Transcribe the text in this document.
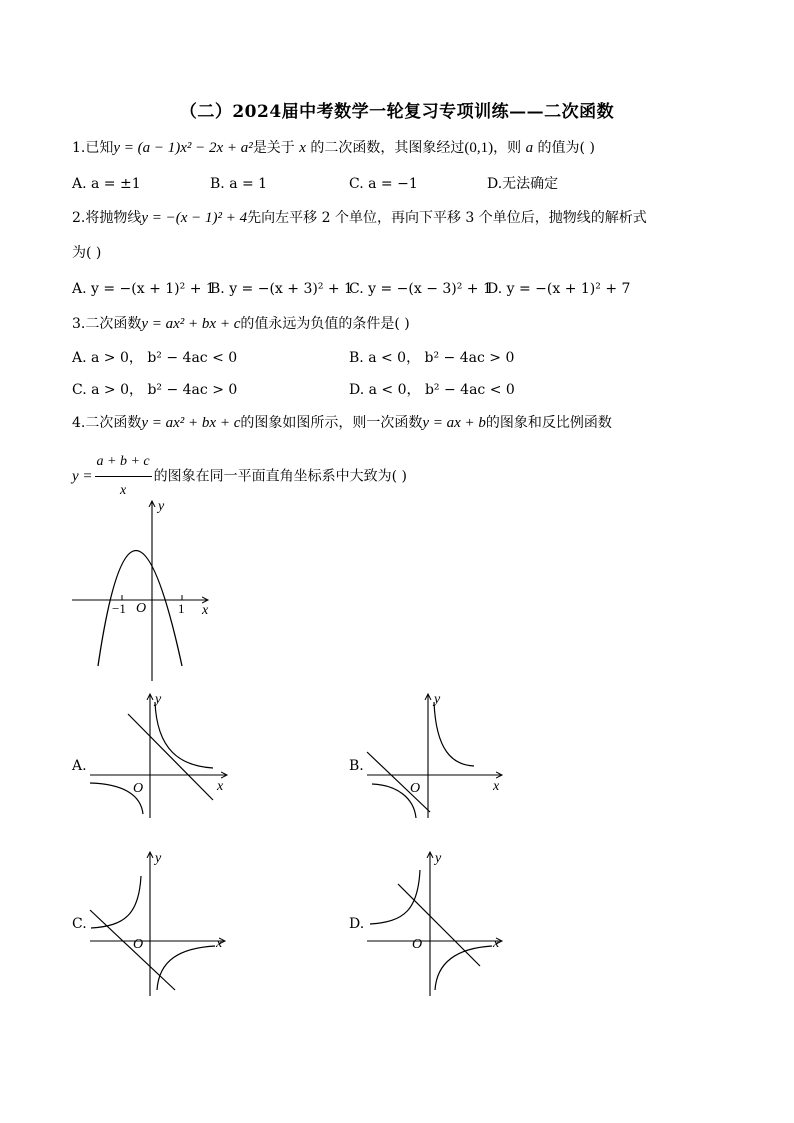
（二）2024届中考数学一轮复习专项训练——二次函数
1.已知y = (a − 1)x² − 2x + a²是关于 x 的二次函数，其图象经过(0,1)，则 a 的值为( )
A. a = ±1	B. a = 1	C. a = −1	D.无法确定
2.将抛物线y = −(x − 1)² + 4先向左平移 2 个单位，再向下平移 3 个单位后，抛物线的解析式
为( )
A. y = −(x + 1)² + 1
B. y = −(x + 3)² + 1
C. y = −(x − 3)² + 1
D. y = −(x + 1)² + 7
3.二次函数y = ax² + bx + c的值永远为负值的条件是( )
A. a > 0， b² − 4ac < 0	B. a < 0， b² − 4ac > 0
C. a > 0， b² − 4ac > 0	D. a < 0， b² − 4ac < 0
4.二次函数y = ax² + bx + c的图象如图所示，则一次函数y = ax + b的图象和反比例函数
$y = \frac{a + b + c}{x}$ 的图象在同一平面直角坐标系中大致为( )
y
x
O
−1	1
A.
y
x
O
B.
y
x
O
C.
y
x
O
D.
y
x
O
